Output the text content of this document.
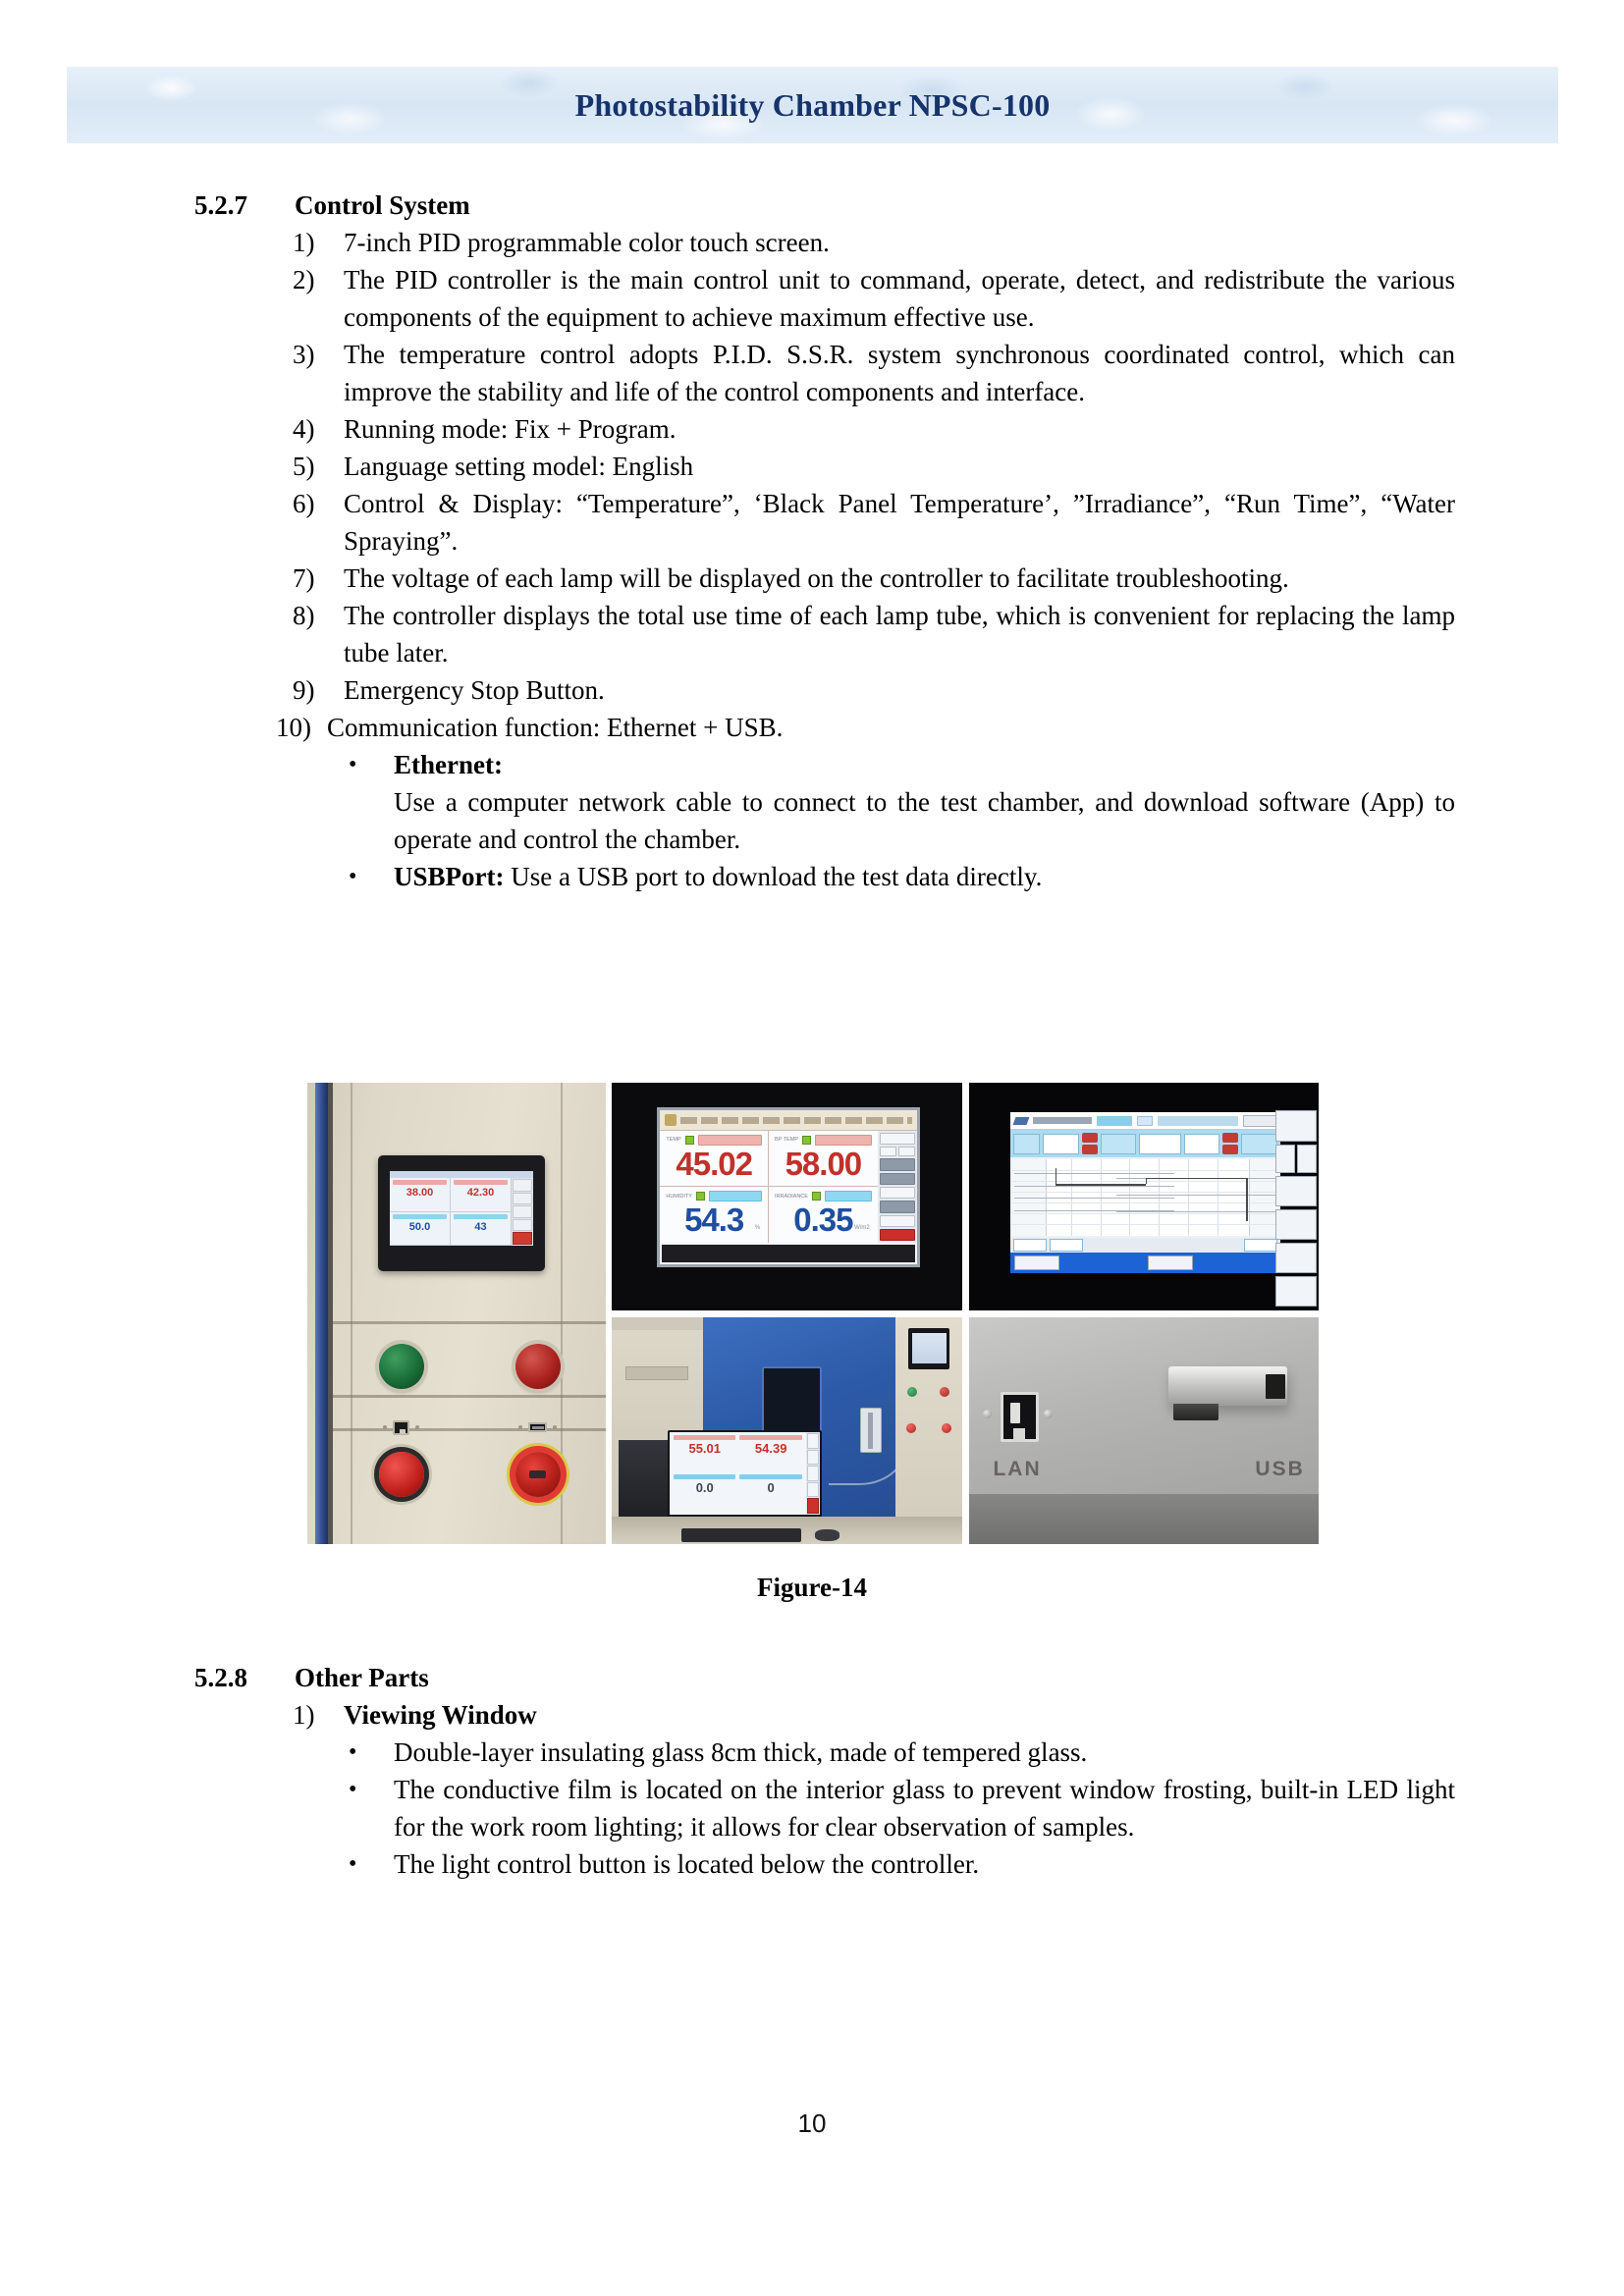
Photostability Chamber NPSC-100
5.2.7	Control System
1)	7-inch PID programmable color touch screen.
2)	The PID controller is the main control unit to command, operate, detect, and redistribute the various components of the equipment to achieve maximum effective use.
3)	The temperature control adopts P.I.D. S.S.R. system synchronous coordinated control, which can improve the stability and life of the control components and interface.
4)	Running mode: Fix + Program.
5)	Language setting model: English
6)	Control & Display: “Temperature”, ‘Black Panel Temperature’, ”Irradiance”, “Run Time”, “Water Spraying”.
7)	The voltage of each lamp will be displayed on the controller to facilitate troubleshooting.
8)	The controller displays the total use time of each lamp tube, which is convenient for replacing the lamp tube later.
9)	Emergency Stop Button.
10) Communication function: Ethernet + USB.
•	Ethernet:
Use a computer network cable to connect to the test chamber, and download software (App) to operate and control the chamber.
•	USBPort: Use a USB port to download the test data directly.
38.00	42.30
50.0	43
TEMP
45.02
BP TEMP
58.00
HUMIDITY
54.3	%
IRRADIANCE
0.35 W/m2
55.01	54.39
0.0	0
LAN	USB
Figure-14
5.2.8	Other Parts
1)	Viewing Window
•	Double-layer insulating glass 8cm thick, made of tempered glass.
•	The conductive film is located on the interior glass to prevent window frosting, built-in LED light for the work room lighting; it allows for clear observation of samples.
•	The light control button is located below the controller.
10
